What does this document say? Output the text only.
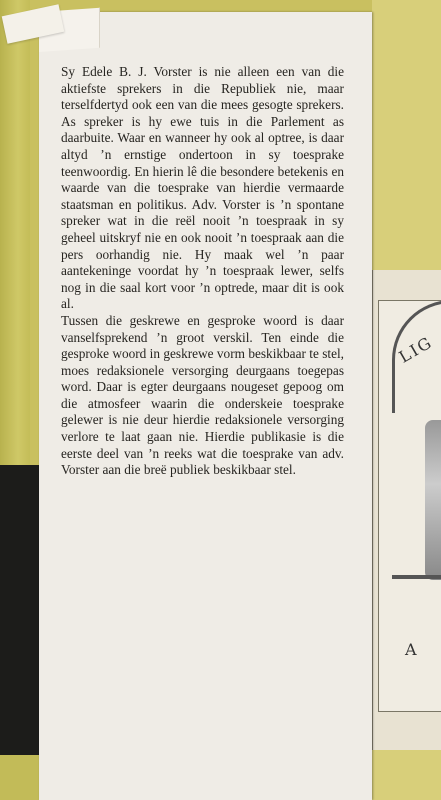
LIG
A

Sy Edele B. J. Vorster is nie alleen een van die aktiefste sprekers in die Republiek nie, maar terselfdertyd ook een van die mees gesogte sprekers. As spreker is hy ewe tuis in die Parlement as daarbuite. Waar en wanneer hy ook al optree, is daar altyd ’n ernstige ondertoon in sy toesprake teenwoordig. En hierin lê die besondere betekenis en waarde van die toesprake van hierdie vermaarde staatsman en politikus. Adv. Vorster is ’n spontane spreker wat in die reël nooit ’n toespraak in sy geheel uitskryf nie en ook nooit ’n toespraak aan die pers oorhandig nie. Hy maak wel ’n paar aantekeninge voordat hy ’n toespraak lewer, selfs nog in die saal kort voor ’n optrede, maar dit is ook al.

Tussen die geskrewe en gesproke woord is daar vanselfsprekend ’n groot verskil. Ten einde die gesproke woord in geskrewe vorm beskikbaar te stel, moes redaksionele versorging deurgaans toegepas word. Daar is egter deurgaans nougeset gepoog om die atmosfeer waarin die onderskeie toesprake gelewer is nie deur hierdie redaksionele versorging verlore te laat gaan nie. Hierdie publikasie is die eerste deel van ’n reeks wat die toesprake van adv. Vorster aan die breë publiek beskikbaar stel.
